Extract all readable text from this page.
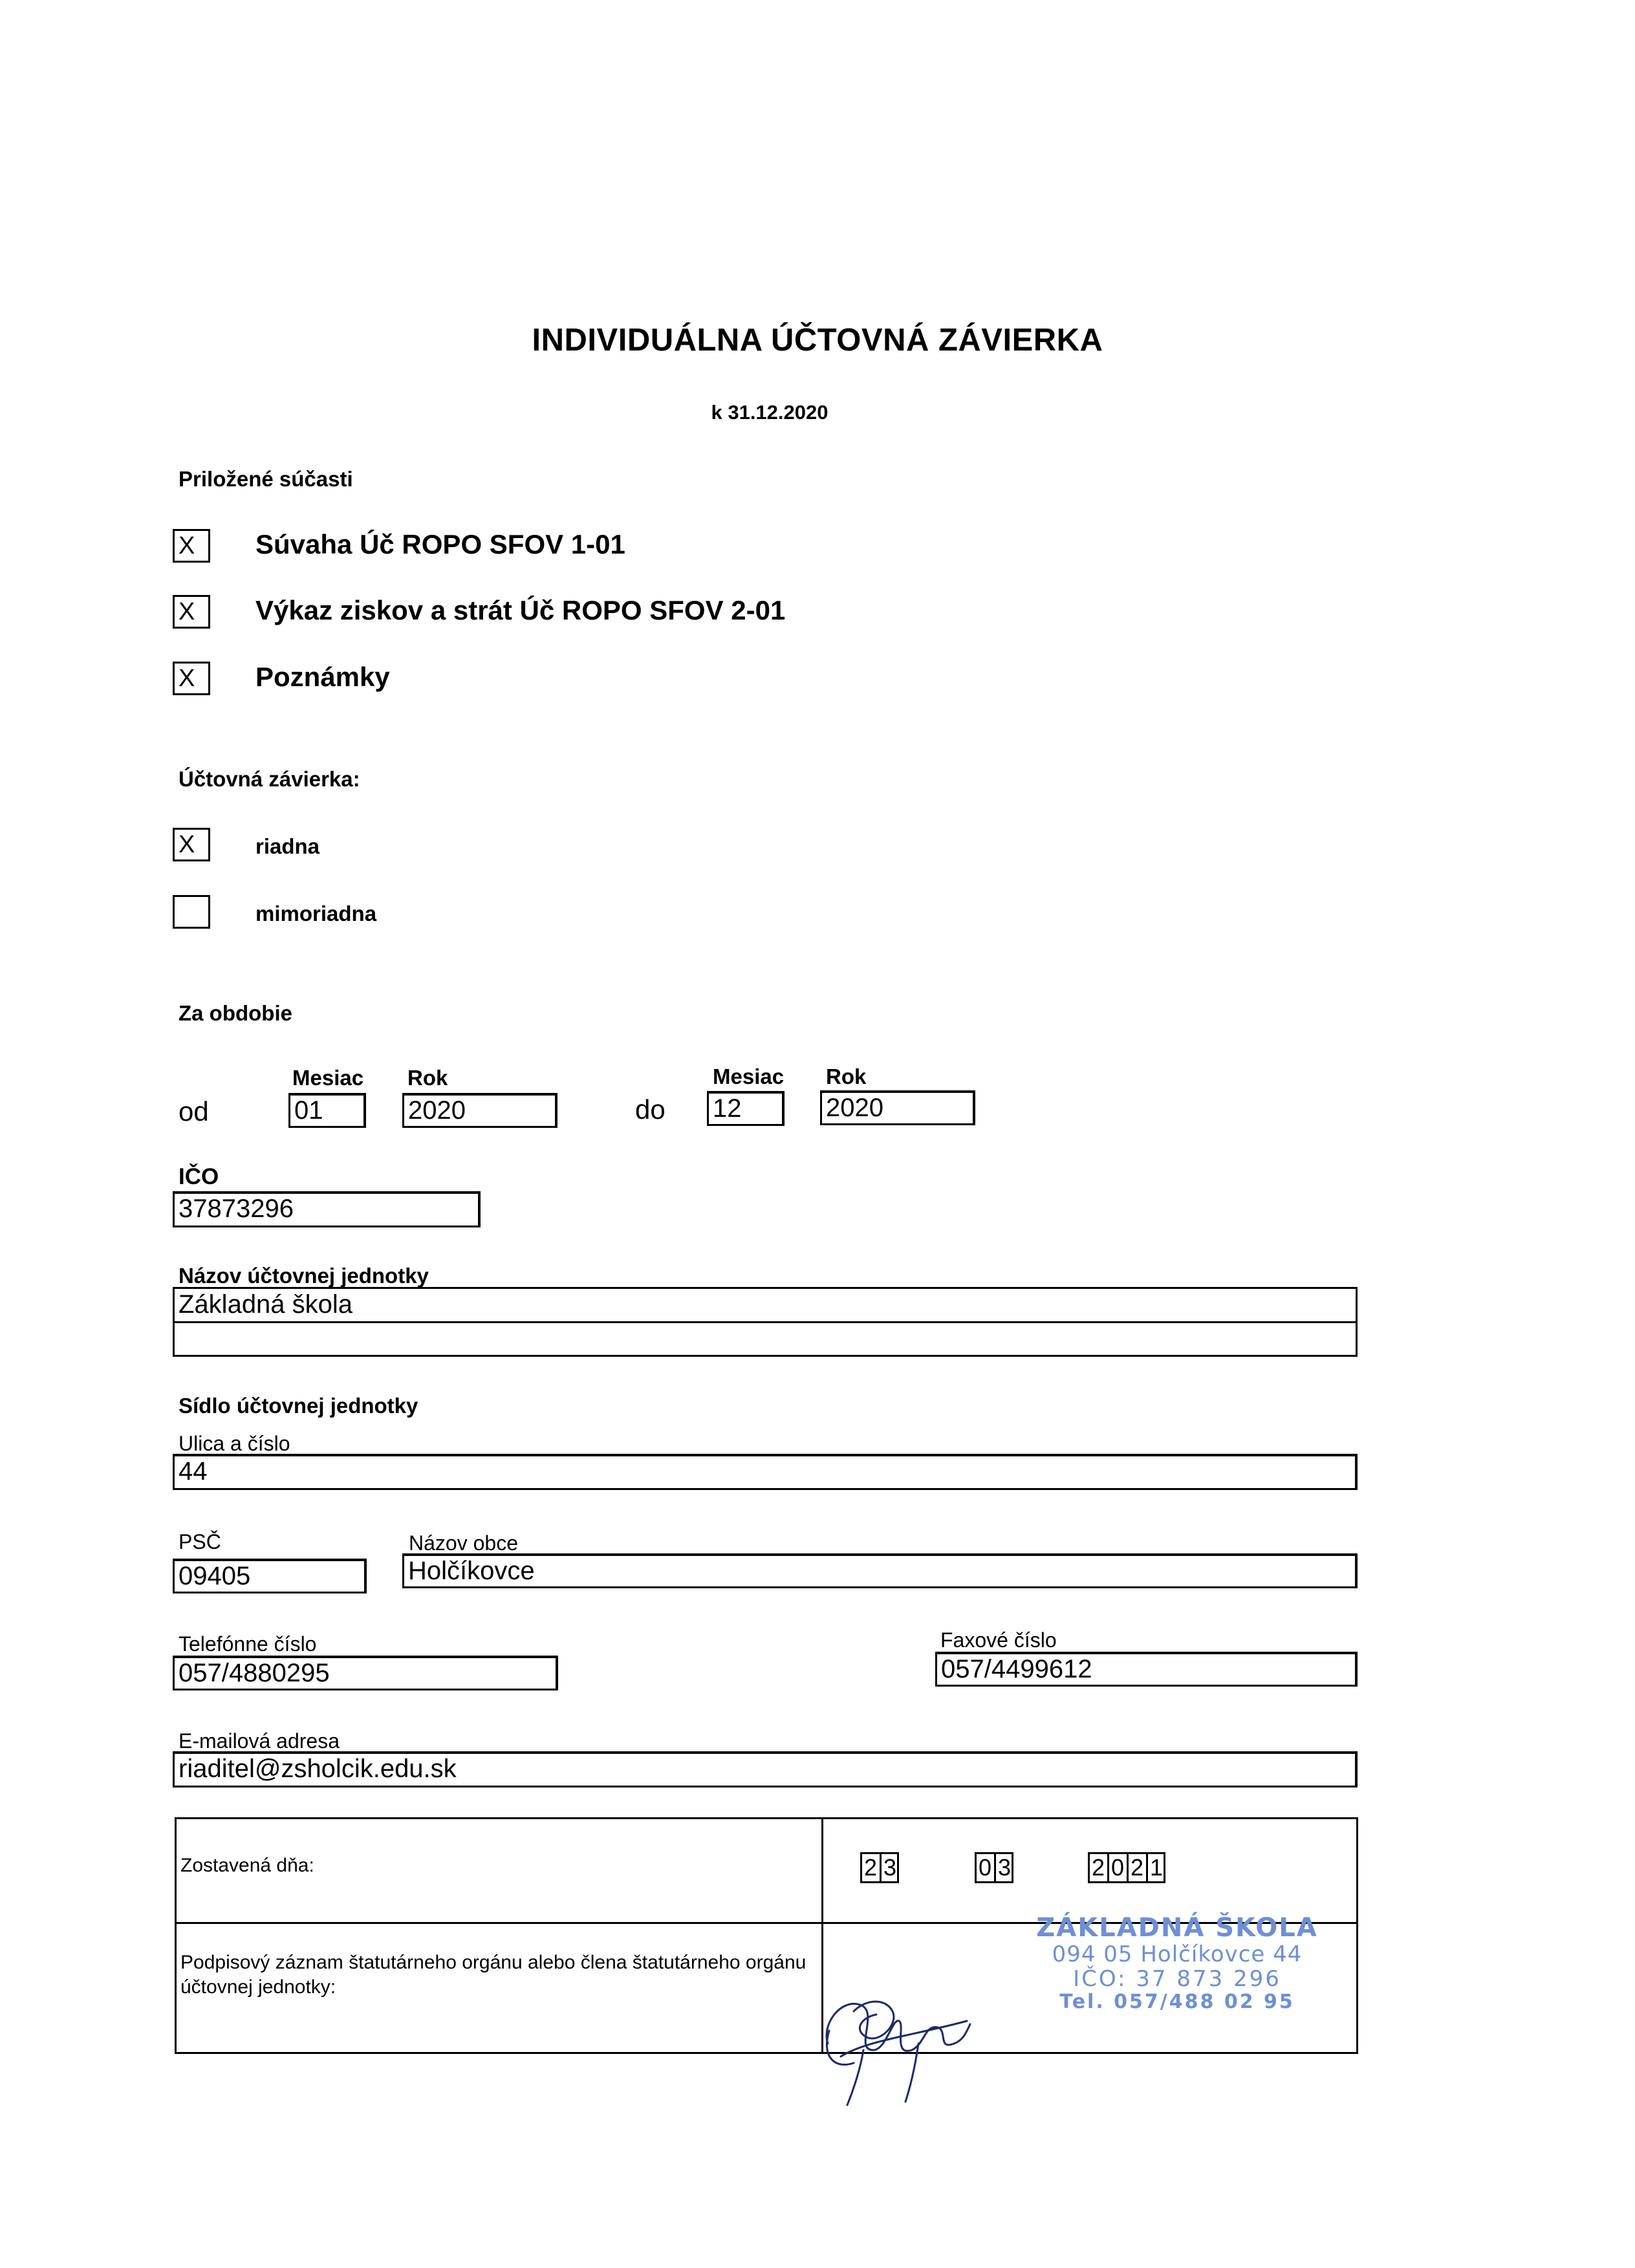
INDIVIDUÁLNA ÚČTOVNÁ ZÁVIERKA
k 31.12.2020
Priložené súčasti
X	Súvaha Úč ROPO SFOV 1-01
X	Výkaz ziskov a strát Úč ROPO SFOV 2-01
X	Poznámky
Účtovná závierka:
X	riadna
mimoriadna
Za obdobie
Mesiac Rok	Mesiac Rok
od	01	2020	do 12	2020
IČO
37873296
Názov účtovnej jednotky
Základná škola
Sídlo účtovnej jednotky
Ulica a číslo
44
PSČ	Názov obce
09405	Holčíkovce
Telefónne číslo
057/4880295
Faxové číslo
057/4499612
E-mailová adresa
riaditel@zsholcik.edu.sk
Zostavená dňa:	2 3	0 3	2 0 2 1
Podpisový záznam štatutárneho orgánu alebo člena štatutárneho orgánu účtovnej jednotky:
ZÁKLADNÁ ŠKOLA
094 05 Holčíkovce 44
IČO: 37 873 296
Tel. 057/488 02 95
